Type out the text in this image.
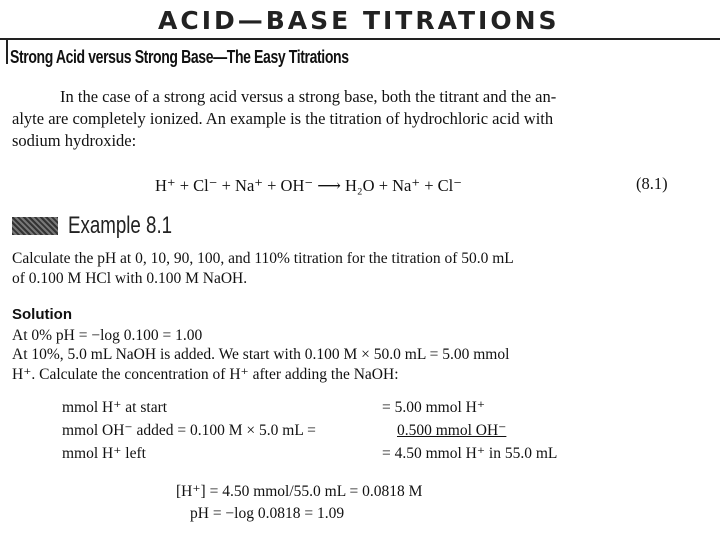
ACID—BASE TITRATIONS
Strong Acid versus Strong Base—The Easy Titrations
In the case of a strong acid versus a strong base, both the titrant and the an-
alyte are completely ionized. An example is the titration of hydrochloric acid with
sodium hydroxide:
H⁺ + Cl⁻ + Na⁺ + OH⁻ ⟶ H₂O + Na⁺ + Cl⁻	(8.1)
Example 8.1
Calculate the pH at 0, 10, 90, 100, and 110% titration for the titration of 50.0 mL
of 0.100 M HCl with 0.100 M NaOH.
Solution
At 0% pH = −log 0.100 = 1.00
At 10%, 5.0 mL NaOH is added. We start with 0.100 M × 50.0 mL = 5.00 mmol
H⁺. Calculate the concentration of H⁺ after adding the NaOH:
mmol H⁺ at start	= 5.00 mmol H⁺
mmol OH⁻ added = 0.100 M × 5.0 mL =	0.500 mmol OH⁻
mmol H⁺ left	= 4.50 mmol H⁺ in 55.0 mL
[H⁺] = 4.50 mmol/55.0 mL = 0.0818 M
pH = −log 0.0818 = 1.09
